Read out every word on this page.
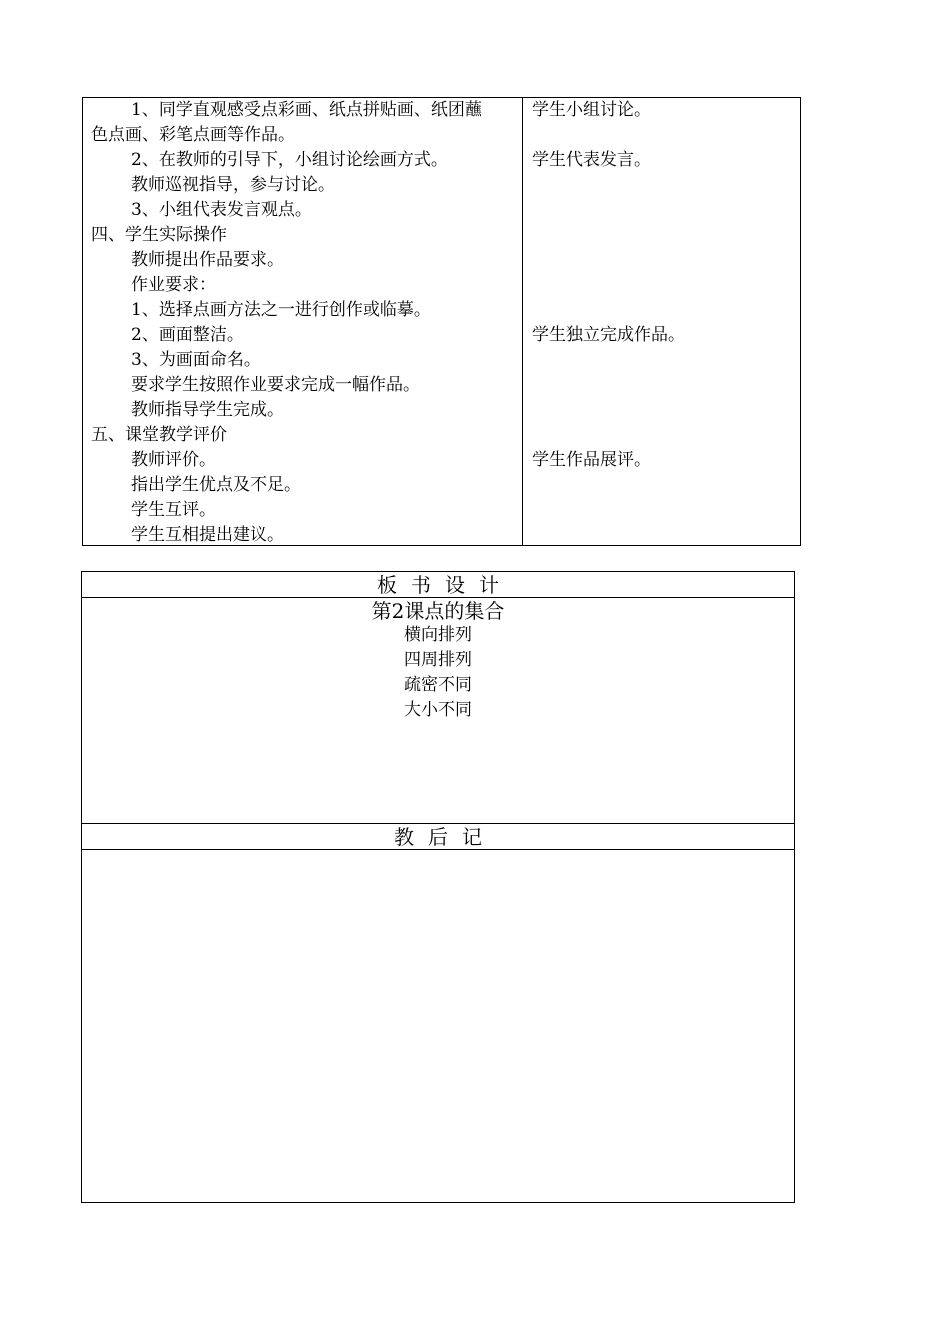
1、同学直观感受点彩画、纸点拼贴画、纸团蘸
色点画、彩笔点画等作品。
2、在教师的引导下，小组讨论绘画方式。
教师巡视指导，参与讨论。
3、小组代表发言观点。
四、学生实际操作
教师提出作品要求。
作业要求：
1、选择点画方法之一进行创作或临摹。
2、画面整洁。
3、为画面命名。
要求学生按照作业要求完成一幅作品。
教师指导学生完成。
五、课堂教学评价
教师评价。
指出学生优点及不足。
学生互评。
学生互相提出建议。
学生小组讨论。
学生代表发言。
学生独立完成作品。
学生作品展评。
板书设计
第2课点的集合
横向排列
四周排列
疏密不同
大小不同
教后记
